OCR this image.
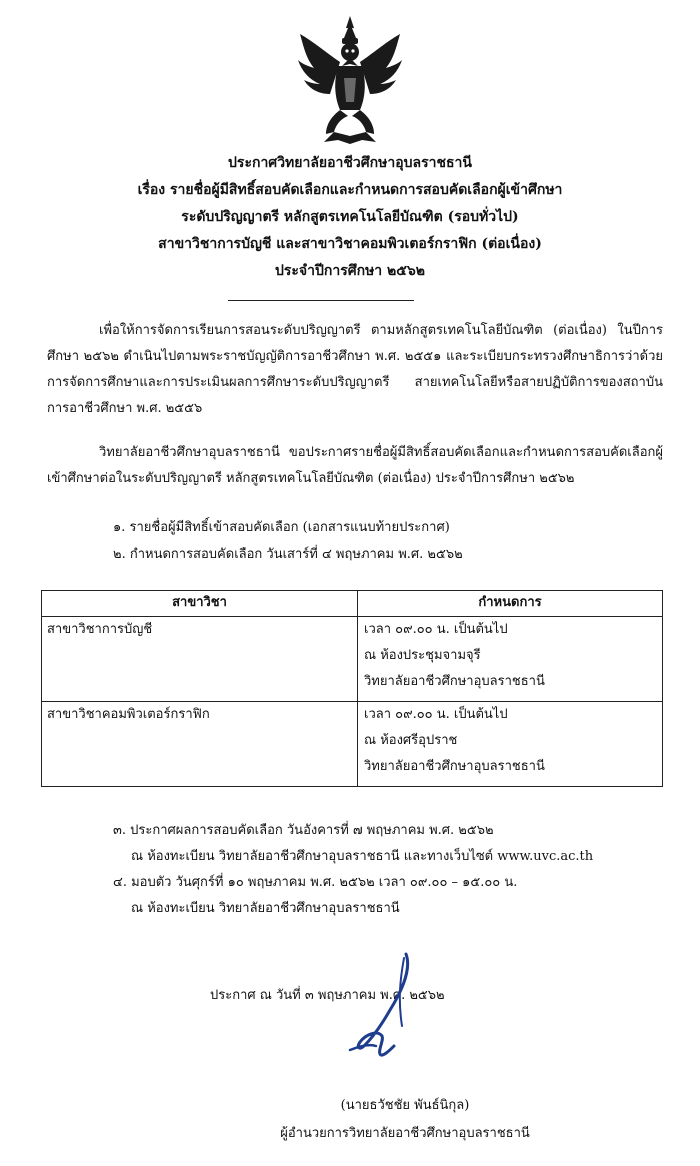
ประกาศวิทยาลัยอาชีวศึกษาอุบลราชธานี
เรื่อง รายชื่อผู้มีสิทธิ์สอบคัดเลือกและกำหนดการสอบคัดเลือกผู้เข้าศึกษา
ระดับปริญญาตรี หลักสูตรเทคโนโลยีบัณฑิต (รอบทั่วไป)
สาขาวิชาการบัญชี และสาขาวิชาคอมพิวเตอร์กราฟิก (ต่อเนื่อง)
ประจำปีการศึกษา ๒๕๖๒

เพื่อให้การจัดการเรียนการสอนระดับปริญญาตรี ตามหลักสูตรเทคโนโลยีบัณฑิต (ต่อเนื่อง) ในปีการศึกษา ๒๕๖๒ ดำเนินไปตามพระราชบัญญัติการอาชีวศึกษา พ.ศ. ๒๕๕๑ และระเบียบกระทรวงศึกษาธิการว่าด้วยการจัดการศึกษาและการประเมินผลการศึกษาระดับปริญญาตรี สายเทคโนโลยีหรือสายปฏิบัติการของสถาบันการอาชีวศึกษา พ.ศ. ๒๕๕๖

วิทยาลัยอาชีวศึกษาอุบลราชธานี ขอประกาศรายชื่อผู้มีสิทธิ์สอบคัดเลือกและกำหนดการสอบคัดเลือกผู้เข้าศึกษาต่อในระดับปริญญาตรี หลักสูตรเทคโนโลยีบัณฑิต (ต่อเนื่อง) ประจำปีการศึกษา ๒๕๖๒

๑. รายชื่อผู้มีสิทธิ์เข้าสอบคัดเลือก (เอกสารแนบท้ายประกาศ)
๒. กำหนดการสอบคัดเลือก วันเสาร์ที่ ๔ พฤษภาคม พ.ศ. ๒๕๖๒
สาขาวิชา	กำหนดการ
สาขาวิชาการบัญชี	เวลา ๐๙.๐๐ น. เป็นต้นไป
ณ ห้องประชุมจามจุรี
วิทยาลัยอาชีวศึกษาอุบลราชธานี

สาขาวิชาคอมพิวเตอร์กราฟิก	เวลา ๐๙.๐๐ น. เป็นต้นไป
ณ ห้องศรีอุปราช
วิทยาลัยอาชีวศึกษาอุบลราชธานี
๓. ประกาศผลการสอบคัดเลือก วันอังคารที่ ๗ พฤษภาคม พ.ศ. ๒๕๖๒
ณ ห้องทะเบียน วิทยาลัยอาชีวศึกษาอุบลราชธานี และทางเว็บไซต์ www.uvc.ac.th
๔. มอบตัว วันศุกร์ที่ ๑๐ พฤษภาคม พ.ศ. ๒๕๖๒ เวลา ๐๙.๐๐ – ๑๕.๐๐ น.
ณ ห้องทะเบียน วิทยาลัยอาชีวศึกษาอุบลราชธานี
ประกาศ ณ วันที่ ๓ พฤษภาคม พ.ศ. ๒๕๖๒
(นายธวัชชัย พันธ์นิกุล)
ผู้อำนวยการวิทยาลัยอาชีวศึกษาอุบลราชธานี
